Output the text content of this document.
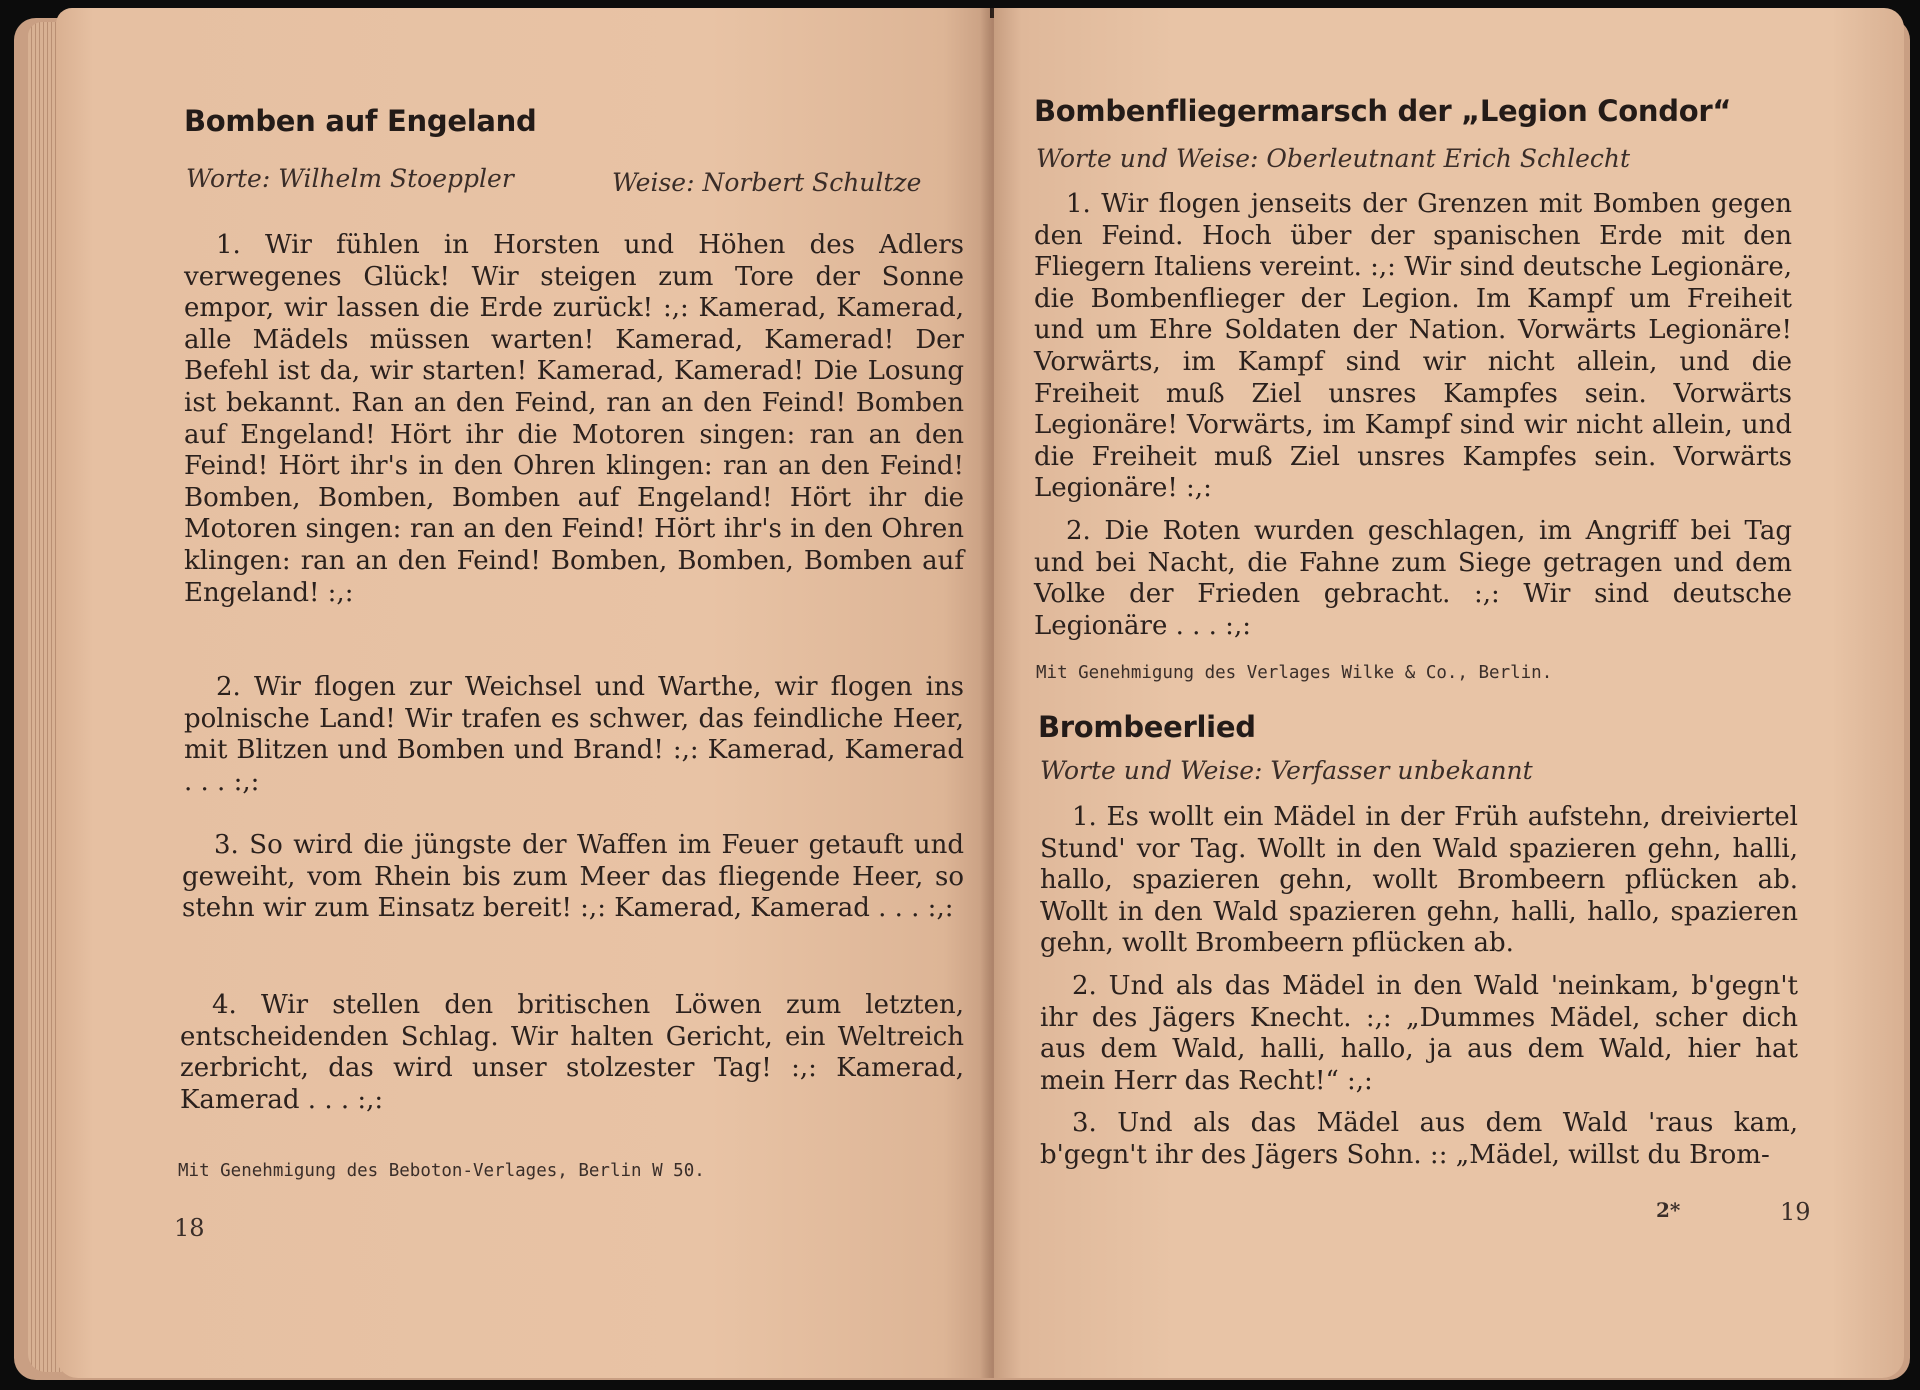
Bomben auf Engeland
Worte: Wilhelm Stoeppler	Weise: Norbert Schultze

1. Wir fühlen in Horsten und Höhen des Adlers verwegenes Glück! Wir steigen zum Tore der Sonne empor, wir lassen die Erde zurück! :,: Kamerad, Kamerad, alle Mädels müssen warten! Kamerad, Kamerad! Der Befehl ist da, wir starten! Kamerad, Kamerad! Die Losung ist bekannt. Ran an den Feind, ran an den Feind! Bomben auf Engeland! Hört ihr die Motoren singen: ran an den Feind! Hört ihr's in den Ohren klingen: ran an den Feind! Bomben, Bomben, Bomben auf Engeland! Hört ihr die Motoren singen: ran an den Feind! Hört ihr's in den Ohren klingen: ran an den Feind! Bomben, Bomben, Bomben auf Engeland! :,:

2. Wir flogen zur Weichsel und Warthe, wir flogen ins polnische Land! Wir trafen es schwer, das feindliche Heer, mit Blitzen und Bomben und Brand! :,: Kamerad, Kamerad . . . :,:

3. So wird die jüngste der Waffen im Feuer getauft und geweiht, vom Rhein bis zum Meer das fliegende Heer, so stehn wir zum Einsatz bereit! :,: Kamerad, Kamerad . . . :,:

4. Wir stellen den britischen Löwen zum letzten, entscheidenden Schlag. Wir halten Gericht, ein Weltreich zerbricht, das wird unser stolzester Tag! :,: Kamerad, Kamerad . . . :,:

Mit Genehmigung des Beboton-Verlages, Berlin W 50.
18
Bombenfliegermarsch der „Legion Condor“
Worte und Weise: Oberleutnant Erich Schlecht

1. Wir flogen jenseits der Grenzen mit Bomben gegen den Feind. Hoch über der spanischen Erde mit den Fliegern Italiens vereint. :,: Wir sind deutsche Legionäre, die Bombenflieger der Legion. Im Kampf um Freiheit und um Ehre Soldaten der Nation. Vorwärts Legionäre! Vorwärts, im Kampf sind wir nicht allein, und die Freiheit muß Ziel unsres Kampfes sein. Vorwärts Legionäre! Vorwärts, im Kampf sind wir nicht allein, und die Freiheit muß Ziel unsres Kampfes sein. Vorwärts Legionäre! :,:

2. Die Roten wurden geschlagen, im Angriff bei Tag und bei Nacht, die Fahne zum Siege getragen und dem Volke der Frieden gebracht. :,: Wir sind deutsche Legionäre . . . :,:

Mit Genehmigung des Verlages Wilke & Co., Berlin.
Brombeerlied
Worte und Weise: Verfasser unbekannt

1. Es wollt ein Mädel in der Früh aufstehn, dreiviertel Stund' vor Tag. Wollt in den Wald spazieren gehn, halli, hallo, spazieren gehn, wollt Brombeern pflücken ab. Wollt in den Wald spazieren gehn, halli, hallo, spazieren gehn, wollt Brombeern pflücken ab.

2. Und als das Mädel in den Wald 'neinkam, b'gegn't ihr des Jägers Knecht. :,: „Dummes Mädel, scher dich aus dem Wald, halli, hallo, ja aus dem Wald, hier hat mein Herr das Recht!“ :,:

3. Und als das Mädel aus dem Wald 'raus kam, b'gegn't ihr des Jägers Sohn. :: „Mädel, willst du Brom-

2*	19
